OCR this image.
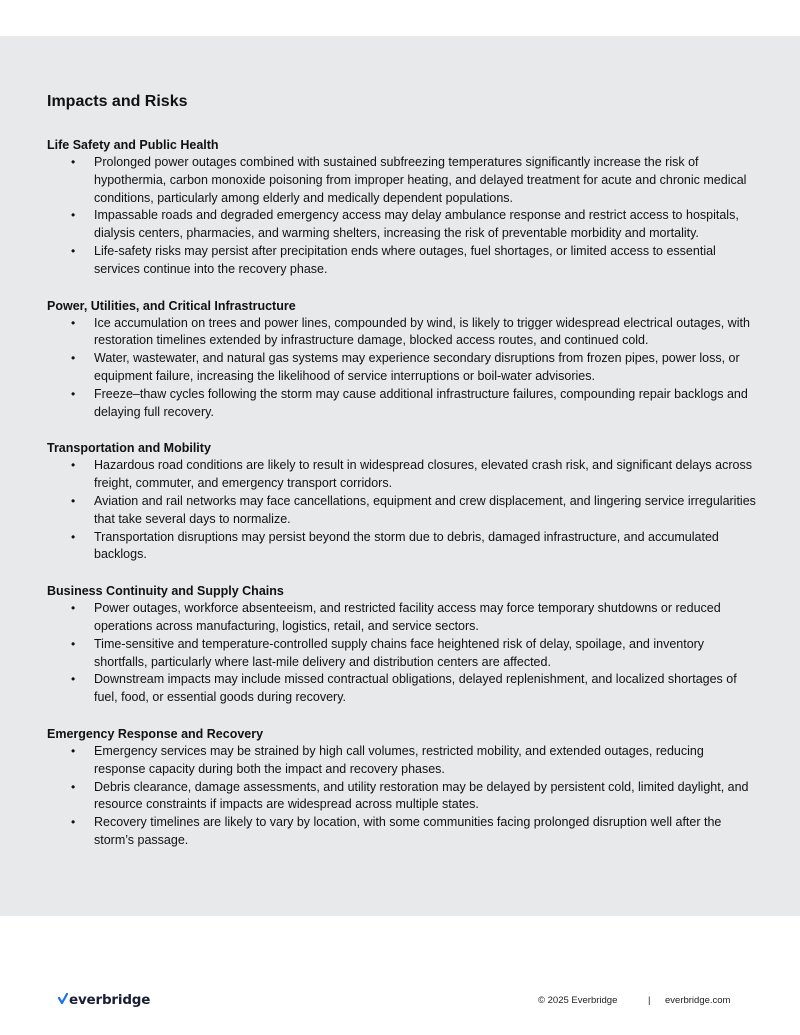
Impacts and Risks

Life Safety and Public Health

• Prolonged power outages combined with sustained subfreezing temperatures significantly increase the risk of hypothermia, carbon monoxide poisoning from improper heating, and delayed treatment for acute and chronic medical conditions, particularly among elderly and medically dependent populations.
• Impassable roads and degraded emergency access may delay ambulance response and restrict access to hospitals, dialysis centers, pharmacies, and warming shelters, increasing the risk of preventable morbidity and mortality.
• Life-safety risks may persist after precipitation ends where outages, fuel shortages, or limited access to essential services continue into the recovery phase.

Power, Utilities, and Critical Infrastructure

• Ice accumulation on trees and power lines, compounded by wind, is likely to trigger widespread electrical outages, with restoration timelines extended by infrastructure damage, blocked access routes, and continued cold.
• Water, wastewater, and natural gas systems may experience secondary disruptions from frozen pipes, power loss, or equipment failure, increasing the likelihood of service interruptions or boil-water advisories.
• Freeze–thaw cycles following the storm may cause additional infrastructure failures, compounding repair backlogs and delaying full recovery.

Transportation and Mobility

• Hazardous road conditions are likely to result in widespread closures, elevated crash risk, and significant delays across freight, commuter, and emergency transport corridors.
• Aviation and rail networks may face cancellations, equipment and crew displacement, and lingering service irregularities that take several days to normalize.
• Transportation disruptions may persist beyond the storm due to debris, damaged infrastructure, and accumulated backlogs.

Business Continuity and Supply Chains

• Power outages, workforce absenteeism, and restricted facility access may force temporary shutdowns or reduced operations across manufacturing, logistics, retail, and service sectors.
• Time-sensitive and temperature-controlled supply chains face heightened risk of delay, spoilage, and inventory shortfalls, particularly where last-mile delivery and distribution centers are affected.
• Downstream impacts may include missed contractual obligations, delayed replenishment, and localized shortages of fuel, food, or essential goods during recovery.

Emergency Response and Recovery

• Emergency services may be strained by high call volumes, restricted mobility, and extended outages, reducing response capacity during both the impact and recovery phases.
• Debris clearance, damage assessments, and utility restoration may be delayed by persistent cold, limited daylight, and resource constraints if impacts are widespread across multiple states.
• Recovery timelines are likely to vary by location, with some communities facing prolonged disruption well after the storm’s passage.
everbridge	© 2025 Everbridge	|	everbridge.com
